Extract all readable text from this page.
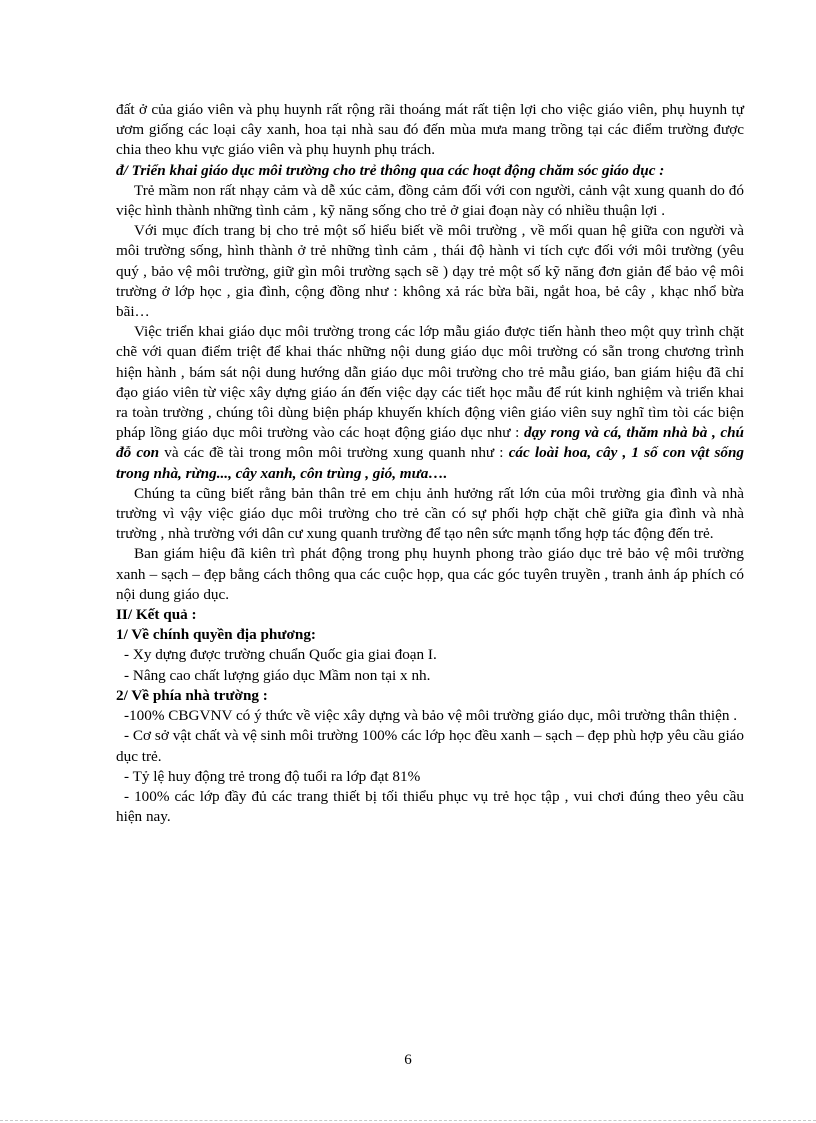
đất ở của giáo viên và phụ huynh rất rộng rãi thoáng mát rất tiện lợi cho việc giáo viên, phụ huynh tự ươm giống các loại cây xanh, hoa tại nhà sau đó đến mùa mưa mang trồng tại các điểm trường được chia theo khu vực giáo viên và phụ huynh phụ trách.

đ/ Triển khai giáo dục môi trường cho trẻ thông qua các hoạt động chăm sóc giáo dục :

Trẻ mầm non rất nhạy cảm và dễ xúc cảm, đồng cảm đối với con người, cảnh vật xung quanh do đó việc hình thành những tình cảm , kỹ năng sống cho trẻ ở giai đoạn này có nhiều thuận lợi .

Với mục đích trang bị cho trẻ một số hiểu biết về môi trường , về mối quan hệ giữa con người và môi trường sống, hình thành ở trẻ những tình cảm , thái độ hành vi tích cực đối với môi trường (yêu quý , bảo vệ môi trường, giữ gìn môi trường sạch sẽ ) dạy trẻ một số kỹ năng đơn giản để bảo vệ môi trường ở lớp học , gia đình, cộng đồng như : không xả rác bừa bãi, ngắt hoa, bẻ cây , khạc nhổ bừa bãi…

Việc triển khai giáo dục môi trường trong các lớp mẫu giáo được tiến hành theo một quy trình chặt chẽ với quan điểm triệt để khai thác những nội dung giáo dục môi trường có sẵn trong chương trình hiện hành , bám sát nội dung hướng dẫn giáo dục môi trường cho trẻ mẫu giáo, ban giám hiệu đã chỉ đạo giáo viên từ việc xây dựng giáo án đến việc dạy các tiết học mẫu để rút kinh nghiệm và triển khai ra toàn trường , chúng tôi dùng biện pháp khuyến khích động viên giáo viên suy nghĩ tìm tòi các biện pháp lồng giáo dục môi trường vào các hoạt động giáo dục như : dạy rong và cá, thăm nhà bà , chú đỗ con và các đề tài trong môn môi trường xung quanh như : các loài hoa, cây , 1 số con vật sống trong nhà, rừng..., cây xanh, côn trùng , gió, mưa….

Chúng ta cũng biết rằng bản thân trẻ em chịu ảnh hưởng rất lớn của môi trường gia đình và nhà trường vì vậy việc giáo dục môi trường cho trẻ cần có sự phối hợp chặt chẽ giữa gia đình và nhà trường , nhà trường với dân cư xung quanh trường để tạo nên sức mạnh tổng hợp tác động đến trẻ.

Ban giám hiệu đã kiên trì phát động trong phụ huynh phong trào giáo dục trẻ bảo vệ môi trường xanh – sạch – đẹp bằng cách thông qua các cuộc họp, qua các góc tuyên truyền , tranh ảnh áp phích có nội dung giáo dục.

II/ Kết quả :

1/ Về chính quyền địa phương:

- Xy dựng được trường chuẩn Quốc gia giai đoạn I.

- Nâng cao chất lượng giáo dục Mầm non tại x nh.

2/ Về phía nhà trường :

-100% CBGVNV có ý thức về việc xây dựng và bảo vệ môi trường giáo dục, môi trường thân thiện .

- Cơ sở vật chất và vệ sinh môi trường 100% các lớp học đều xanh – sạch – đẹp phù hợp yêu cầu giáo dục trẻ.

- Tỷ lệ huy động trẻ trong độ tuổi ra lớp đạt 81%

- 100% các lớp đầy đủ các trang thiết bị tối thiểu phục vụ trẻ học tập , vui chơi đúng theo yêu cầu hiện nay.

6
